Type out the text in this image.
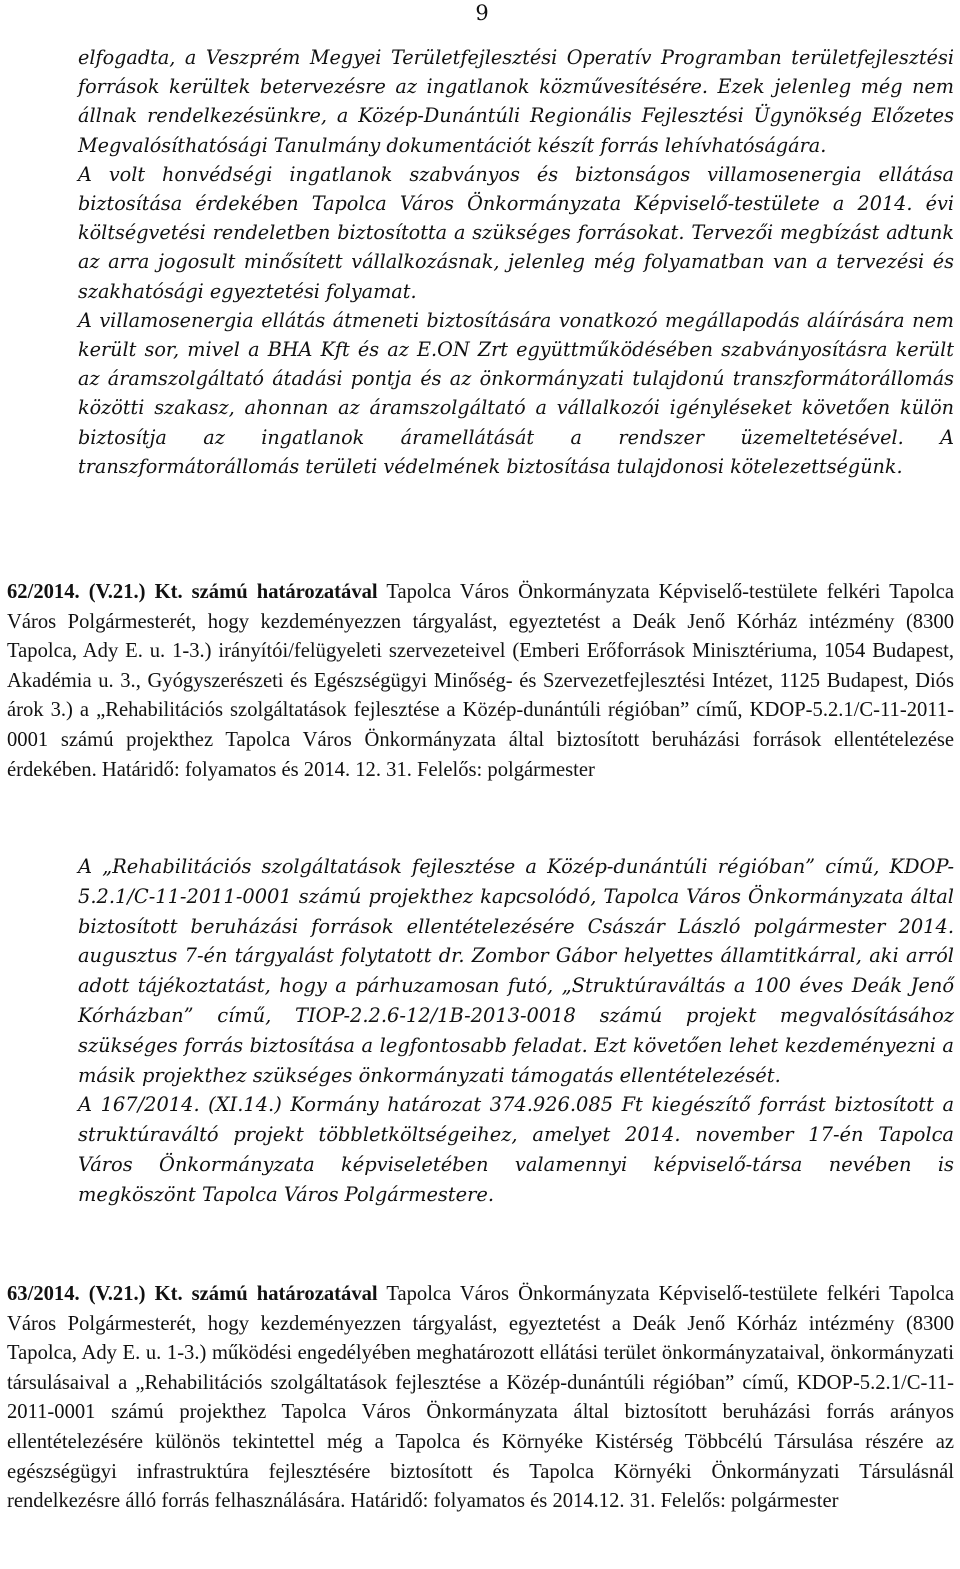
9

elfogadta, a Veszprém Megyei Területfejlesztési Operatív Programban területfejlesztési források kerültek betervezésre az ingatlanok közművesítésére. Ezek jelenleg még nem állnak rendelkezésünkre, a Közép-Dunántúli Regionális Fejlesztési Ügynökség Előzetes Megvalósíthatósági Tanulmány dokumentációt készít forrás lehívhatóságára.

A volt honvédségi ingatlanok szabványos és biztonságos villamosenergia ellátása biztosítása érdekében Tapolca Város Önkormányzata Képviselő-testülete a 2014. évi költségvetési rendeletben biztosította a szükséges forrásokat. Tervezői megbízást adtunk az arra jogosult minősített vállalkozásnak, jelenleg még folyamatban van a tervezési és szakhatósági egyeztetési folyamat.

A villamosenergia ellátás átmeneti biztosítására vonatkozó megállapodás aláírására nem került sor, mivel a BHA Kft és az E.ON Zrt együttműködésében szabványosításra került az áramszolgáltató átadási pontja és az önkormányzati tulajdonú transzformátorállomás közötti szakasz, ahonnan az áramszolgáltató a vállalkozói igényléseket követően külön biztosítja az ingatlanok áramellátását a rendszer üzemeltetésével. A transzformátorállomás területi védelmének biztosítása tulajdonosi kötelezettségünk.

62/2014. (V.21.) Kt. számú határozatával Tapolca Város Önkormányzata Képviselő-testülete felkéri Tapolca Város Polgármesterét, hogy kezdeményezzen tárgyalást, egyeztetést a Deák Jenő Kórház intézmény (8300 Tapolca, Ady E. u. 1-3.) irányítói/felügyeleti szervezeteivel (Emberi Erőforrások Minisztériuma, 1054 Budapest, Akadémia u. 3., Gyógyszerészeti és Egészségügyi Minőség- és Szervezetfejlesztési Intézet, 1125 Budapest, Diós árok 3.) a „Rehabilitációs szolgáltatások fejlesztése a Közép-dunántúli régióban” című, KDOP-5.2.1/C-11-2011-0001 számú projekthez Tapolca Város Önkormányzata által biztosított beruházási források ellentételezése érdekében. Határidő: folyamatos és 2014. 12. 31. Felelős: polgármester

A „Rehabilitációs szolgáltatások fejlesztése a Közép-dunántúli régióban” című, KDOP-5.2.1/C-11-2011-0001 számú projekthez kapcsolódó, Tapolca Város Önkormányzata által biztosított beruházási források ellentételezésére Császár László polgármester 2014. augusztus 7-én tárgyalást folytatott dr. Zombor Gábor helyettes államtitkárral, aki arról adott tájékoztatást, hogy a párhuzamosan futó, „Struktúraváltás a 100 éves Deák Jenő Kórházban” című, TIOP-2.2.6-12/1B-2013-0018 számú projekt megvalósításához szükséges forrás biztosítása a legfontosabb feladat. Ezt követően lehet kezdeményezni a másik projekthez szükséges önkormányzati támogatás ellentételezését.

A 167/2014. (XI.14.) Kormány határozat 374.926.085 Ft kiegészítő forrást biztosított a struktúraváltó projekt többletköltségeihez, amelyet 2014. november 17-én Tapolca Város Önkormányzata képviseletében valamennyi képviselő-társa nevében is megköszönt Tapolca Város Polgármestere.

63/2014. (V.21.) Kt. számú határozatával Tapolca Város Önkormányzata Képviselő-testülete felkéri Tapolca Város Polgármesterét, hogy kezdeményezzen tárgyalást, egyeztetést a Deák Jenő Kórház intézmény (8300 Tapolca, Ady E. u. 1-3.) működési engedélyében meghatározott ellátási terület önkormányzataival, önkormányzati társulásaival a „Rehabilitációs szolgáltatások fejlesztése a Közép-dunántúli régióban” című, KDOP-5.2.1/C-11-2011-0001 számú projekthez Tapolca Város Önkormányzata által biztosított beruházási forrás arányos ellentételezésére különös tekintettel még a Tapolca és Környéke Kistérség Többcélú Társulása részére az egészségügyi infrastruktúra fejlesztésére biztosított és Tapolca Környéki Önkormányzati Társulásnál rendelkezésre álló forrás felhasználására. Határidő: folyamatos és 2014.12. 31. Felelős: polgármester
